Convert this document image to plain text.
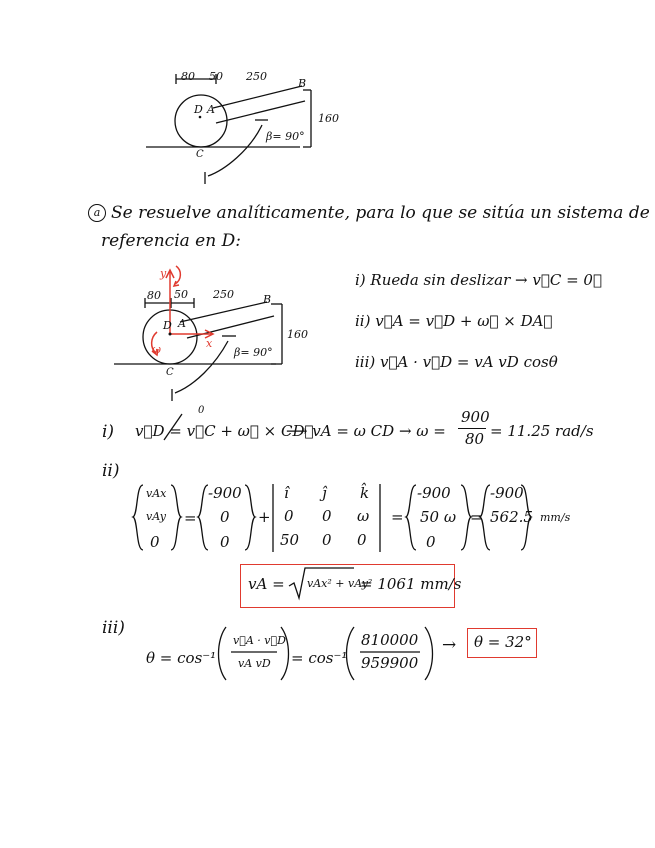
80 50 250
B
D A
C
160
β= 90°
a Se resuelve analíticamente, para lo que se sitúa un sistema de
referencia en D:
80 50 250	B
D A
C
160
β= 90°
y
x
ω
i) Rueda sin deslizar → v⃗C = 0⃗
ii) v⃗A = v⃗D + ω⃗ × DA⃗
iii) v⃗A · v⃗D = vA vD cosθ
i) v⃗D = v⃗C + ω⃗ × CD⃗
0
⟶ vA = ω CD → ω =
900
80 = 11.25 rad/s
ii)
vAx
vAy
0
=
-900
0
0
+
î ĵ k̂
0 0 ω
50 0 0
=
-900
50 ω
0
=
-900
562.5 mm/s
vA = vAx² + vAy²
= 1061 mm/s
iii)
θ = cos⁻¹
v⃗A · v⃗D
vA vD = cos⁻¹
810000
959900
→ θ = 32°
